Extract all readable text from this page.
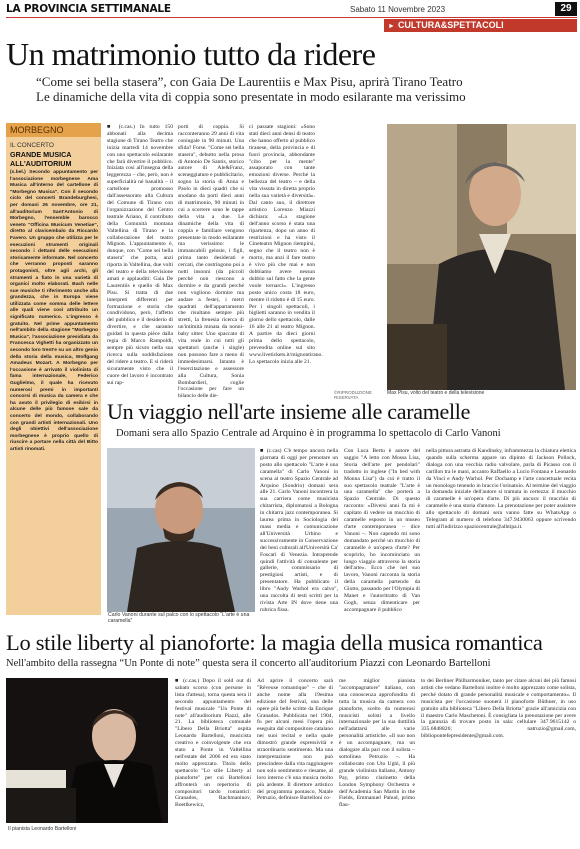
LA PROVINCIA SETTIMANALE	Sabato 11 Novembre 2023	29
► CULTURA&SPETTACOLI
Un matrimonio tutto da ridere
“Come sei bella stasera”, con Gaia De Laurentiis e Max Pisu, aprirà Tirano Teatro
Le dinamiche della vita di coppia sono presentate in modo esilarante ma verissimo
MORBEGNO
IL CONCERTO
GRANDE MUSICA ALL'AUDITORIUM
(s.bel.) Secondo appuntamento per l'associazione morbegnese Ama Musica all'interno del cartellone di "Morbegno Musica". Con il secondo ciclo del concerti Brandeburghesi, per domani 26 novembre, ore 21, all'auditorium Sant'Antonio di Morbegno, l'ensemble barocco veneto "Officina Musicum Venetiae", diretto al clavicembalo da Riccardo Favero. Un gruppo che utilizza per le esecuzioni strumenti originali secondo i dettami delle esecuzioni storicamente informate. Nel concerto che verranno proposti saranno protagonisti, oltre agli archi, gli strumenti a fiato in una varietà di organici molto elaborati. Bach nelle sue musiche ti riferimento anche alla grandezza, che in Europa viene utilizzata come somma delle lettere alle quali viene così attribuito un significato numerico. L'ingresso è gratuito. Nel prime appuntamento nell'ambito della stagione "Morbegno Musica", l'associazione presidiata da Francesca Vighetti ha organizzato un secondo loro trent'e su un altro genio della storia della musica, Wolfgang Amadeus Mozart. A Morbegno per l'occasione è arrivato il violinista di fama internazionale, Federico Guglielmo, il quale ha ricevuto numerosi premi in importanti concorsi di musica da camera e che ha avuto il privilegio di esibirsi in alcune delle più famose sale da concerto del mondo, collaborando con grandi artisti internazionali. Uno degli obiettivi dell'associazione morbegnese è proprio quello di riuscire a portare nella città del Bitto artisti rinomati.
■ (c.cas.) In tutto 150 abbonati alla decima stagione di Tirano Teatro che inizia martedì 14 novembre con uno spettacolo esilarante che farà divertire il pubblico. Iniziata cosi all'insegna della leggerezza – che, però, non è superficialità né banalità – il cartellone promosso dall'assessorato alla Cultura del Comune di Tirano con l'organizzazione del Centro teatrale Ariano, il contributo della Comunità montana Valtellina di Tirano e la collaborazione del teatro Mignon. L'appuntamento è, dunque, con "Come sei bella stasera" che porta, anzi riporta in Valtellina, due volti del teatro e della televisione amati e applauditi: Gaia De Laurentiis e quello di Max Pisu. Si tratta di due interpreti differenti per formazione e storia che condividono, però, l'affetto del pubblico e il desiderio di divertire, e che saranno guidati in questa pièce dalla regia di Marco Rampoldi, sempre più sicuro nella sua ricerca sulla soddisfazione del ridere a teatro. E si riderà sicuramente visto che il cuore del lavoro è incontrato sui rap-
porti di coppia. Si racconteranno 29 anni di vita coniugale in 90 minuti. Una sfida? Forse. "Come sei bella stasera", debutto nella prosa di Antonio De Santis, storico autore di Ale&Franz, sceneggiature e pubblicitario, sogno la storia di Anna e Paolo in dieci quadri che si snodano da porti dieci anni di matrimonio, 90 minuti in cui a scorrere sono le tappe della vita a due. Le dinamiche della vita di coppia e familiare vengono presentate in modo esilarante ma verissimo: le immancabili gelosie, i figli, prima tanto desiderati e cercati, che costringono poi a notti insonni (da piccoli perché non riescono a dormire e da grandi perché non vogliono dormire ma andare a feste), i metri quadrati dell'appartamento che risultano sempre più stretti, la frenesia ricerca di un'intimità minata da nonni-baby sitter. Uno spaccato di vita reale in cui tutti gli spettatori (anche i single) non possono fare a meno di immedesimarsi. Intanto è l'esercitazione e assessore alla Cultura, Sonia Bombardieri, coglie l'occasione per fare un bilancio delle die-
ci passate stagioni: «Sono stati dieci anni densi di teatro che hanno offerto al pubblico tiranese, della provincia e di fuori provincia, abbondante "cibo per la mente" assaporato con tante emozioni diverse. Perché la bellezza del teatro – e della vita vissuta in diretta proprio nella sua varietà e diversità». Dal canto suo, il direttore artistico Lorenzo Miazzi dichiara: «La stagione dell'anno scorso è stata una ripartenza, dopo un anno di restrizioni e ha visto il Cineteatro Mignon riempirsi, segno che il teatro non è morto, ma anzi il fare teatro è vivo più che mai e non dobbiamo avere nessun dubbio sul fatto che la gente vuole tornarci». L'ingresso posto unico costa 18 euro, mentre il ridotto è di 15 euro. Per i singoli spettacoli, i biglietti saranno in vendita il giorno dello spettacolo, dalle 16 alle 21 al teatro Mignon. A partire da dieci giorni prima dello spettacolo, prevendita online sul sito www.livetickets.it/mignontirano. Lo spettacolo inizia alle 21.
©RIPRODUZIONE RISERVATA
Max Pisu, volto del teatro e della televisione
Un viaggio nell'arte insieme alle caramelle
Domani sera allo Spazio Centrale ad Arquino è in programma lo spettacolo di Carlo Vanoni
Carlo Vanoni durante sul palco con lo spettacolo “L'arte è una caramella”
■ (c.cas) C'è tempo ancora nella giornata di oggi per prenotare un posto allo spettacolo "L'arte è una caramella" di Carlo Vanoni in scena al teatro Spazio Centrale ad Arquino (Sondrio) domani sera alle 21. Carlo Vanoni incontrera la sua carriera come musicista chitarrista, diplomatosi a Bologna in chitarra jazz contemporanea. Si laurea prima in Sociologia del mass media e comunicazione all'Università Urbino e successivamente in Conservazione dei beni culturali all'Università Ca' Foscari di Venezia. Intraprende quindi l'attività di consulente per gallerie, commissario di prestigiosi artisti, e di presentatore. Ha pubblicato il libro "Andy Warhol era calvo", una raccolta di testi scritti per la rivista Arte IN dove tiene una rubrica fissa.
Con Luca Bertu è autore del saggio "A letto con Mossa Lisa, Storia dell'arte per pendolari" tradotto in inglese ("In bed with Monna Lisa") da cui è tratto il suo spettacolo teatrale "L'arte è una caramella" che porterà a Spazio Centrale. Di questo racconto: «Diversi anni fa mi è capitato di vedere un mucchio di caramelle esposto in un museo d'arte contemporanea – dice Vanoni –. Non capendo mi sono domandato perché un mucchio di caramelle è un'opera d'arte? Per scoprirlo, ho incominciato un lungo viaggio attraverso la storia dell'arte». Ecco che nel suo lavoro, Vanoni racconta la storia della caramella partendo da Giotto, passando per l'Olympia di Manet e l'autoritratto di Van Gogh, senza dimenticare per accompagnare il pubblico
nella pittura astratta di Kandinsky, inframmezza la chiatura elettica quando sulla scherma appare un dipinto di Jackson Pollock, dialoga con una vecchia radio valvolare, parla di Picasso con il carillon tra le mani, accanto Raffaello a Lucio Fontana e Leonardo da Vinci e Andy Warhol. Per Dochamp e l'arte concettuale recita un monologo tenendo in braccio l'orinatoio. Al termine del viaggio la domanda iniziale dell'autore si tramuta in certezza: il mucchio di caramelle è un'opera d'arte. Di più ancora: il mucchio di caramelle è una storia d'amore. La prenotazione per poter assistere allo spettacolo di domani sera vanno fatte su WhatsApp o Telegram al numero di telefono 347.9430063 oppure scrivendo tutti all'indirizzo spaziocentrale@alhtipa.it.
Lo stile liberty al pianoforte: la magia della musica romantica
Nell'ambito della rassegna “Un Ponte di note” questa sera il concerto all'auditorium Piazzi con Leonardo Bartelloni
Il pianista Leonardo Bartelloni
■ (c.cas.) Dopo il sold out di sabato scorso (con persone in lista d'attesa), torna questa sera il secondo appuntamento del festival musicale "Un Ponte di note" all'auditorium Piazzi, alle 21. La biblioteca comunale "Libero Della Briotta" ospita Leonardo Bartelloni, musicista creativo e coinvolgente che era stato a Ponte in Valtellina nell'estate del 2006 ed era stato molto apprezzato. Titolo dello spettacolo "Lo stile Liberty al pianoforte" per cui Bartelloni affronterà un repertorio di compositori tardo romantici: Granados, Rachmaninov, Boetlkewicz,
Ad aprire il concerto sarà "Rêveuse romantique" – che di anche nome alla 19esima edizione del festival, una delle opere più belle scritte da Enrique Granados. Pubblicata nel 1904, fu per alcuni mesi l'opera più eseguita dal compositore catalano nei suoi recital e nella quale dimostrò grande espressività e straordinario sentimento. Ma una interpretazione non può prescindere dalla vita raggiungere non solo sentimento e riesame, al loro interno c'è una musica molto più ardente. Il direttore artistico del programma pontasco, Natale Petruzio, definisce Bartelloni co-
me miglior pianista "accompagnatore" italiano, con una conoscenza approfondita di tutta la musica da camera con pianoforte, scelto da numerosi musicisti solisti a livello internazionale per la sua duttilità nell'adattarsi alle varie personalità artistiche. «Il suo non è un accompagnare, ma un dialogare alla pari con il solista – sottolinea Petruzio –. Ha collaborato con Uto Ughi, il più grande violinista italiano, Antony Pay, primo clarinetto della London Symphony Orchestra e dell'Academia San Martin in the Fields, Emmanuel Pahud, primo flau-
to dei Berliner Philharmoniker, tanto per citare alcuni dei più famosi artisti che vedano Bartelloni inoltre è molto apprezzato come solista, perché dotato di grande personalità musicale e comportamento». Il musicista per l'occasione suonerà il pianoforte Büthner, in uso gratuito alla biblioteca "Libero Della Briotta" grazie all'amicizia con il maestro Carlo Maschetoni. È consigliata la prenotazione per avere la garanzia di trovare posto in sala: cellulare 347.9615142 o 335.6848826; natruzio@gmail.com, bibliopontefepresidente@gmail.com.
